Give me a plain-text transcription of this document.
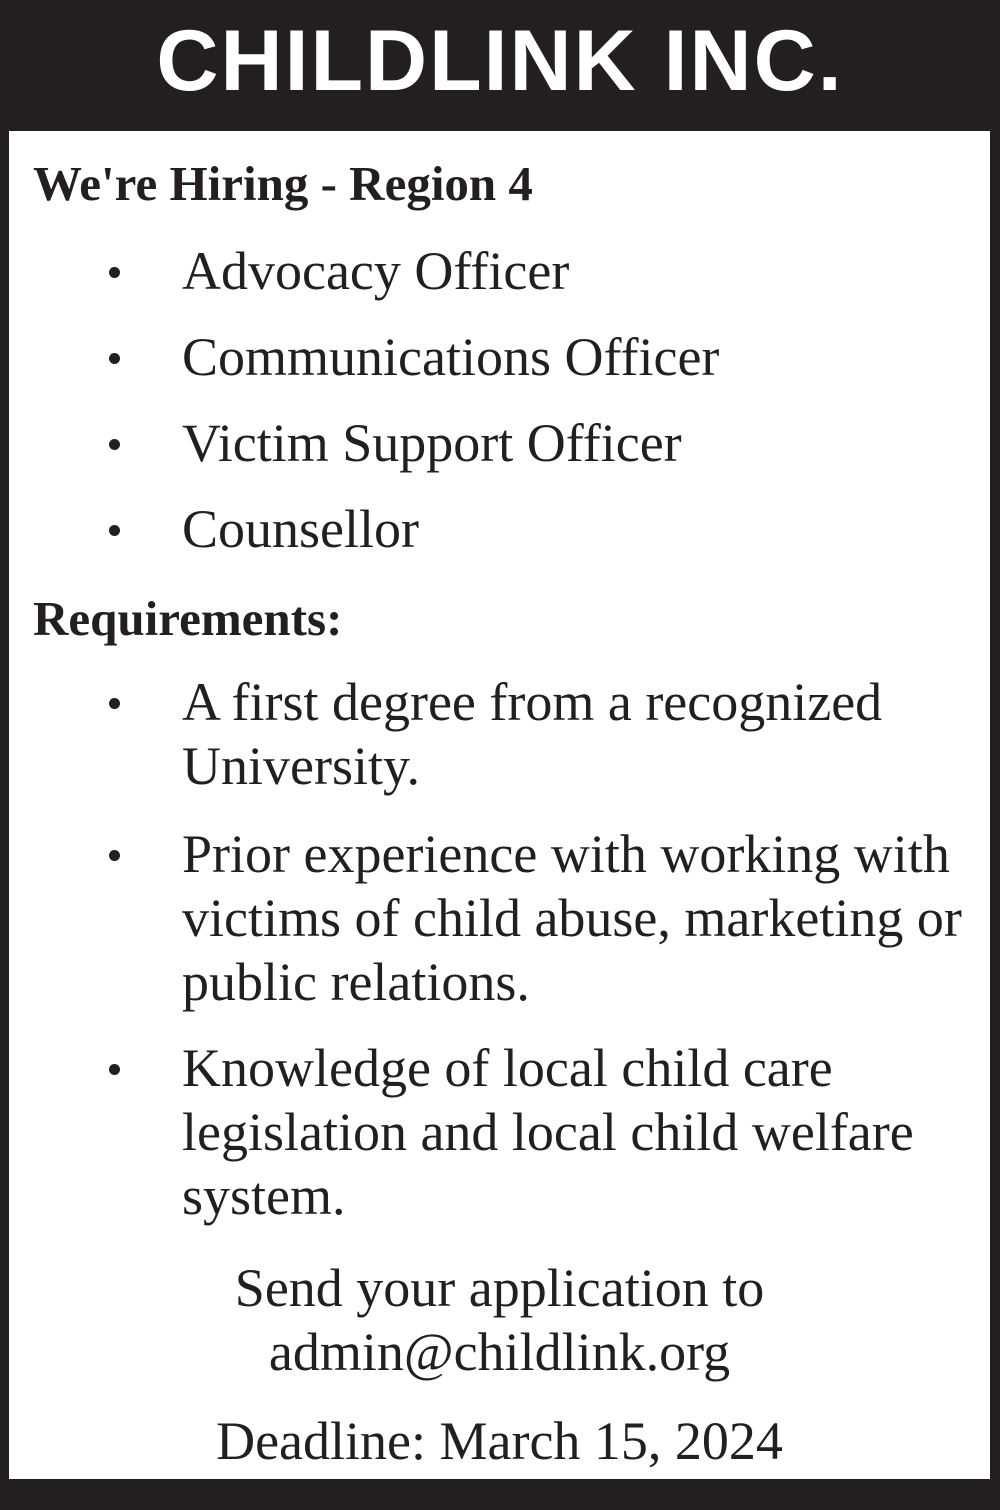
CHILDLINK INC.
We're Hiring - Region 4
Advocacy Officer
Communications Officer
Victim Support Officer
Counsellor
Requirements:
A first degree from a recognized University.
Prior experience with working with victims of child abuse, marketing or public relations.
Knowledge of local child care legislation and local child welfare system.
Send your application to
admin@childlink.org
Deadline: March 15, 2024
